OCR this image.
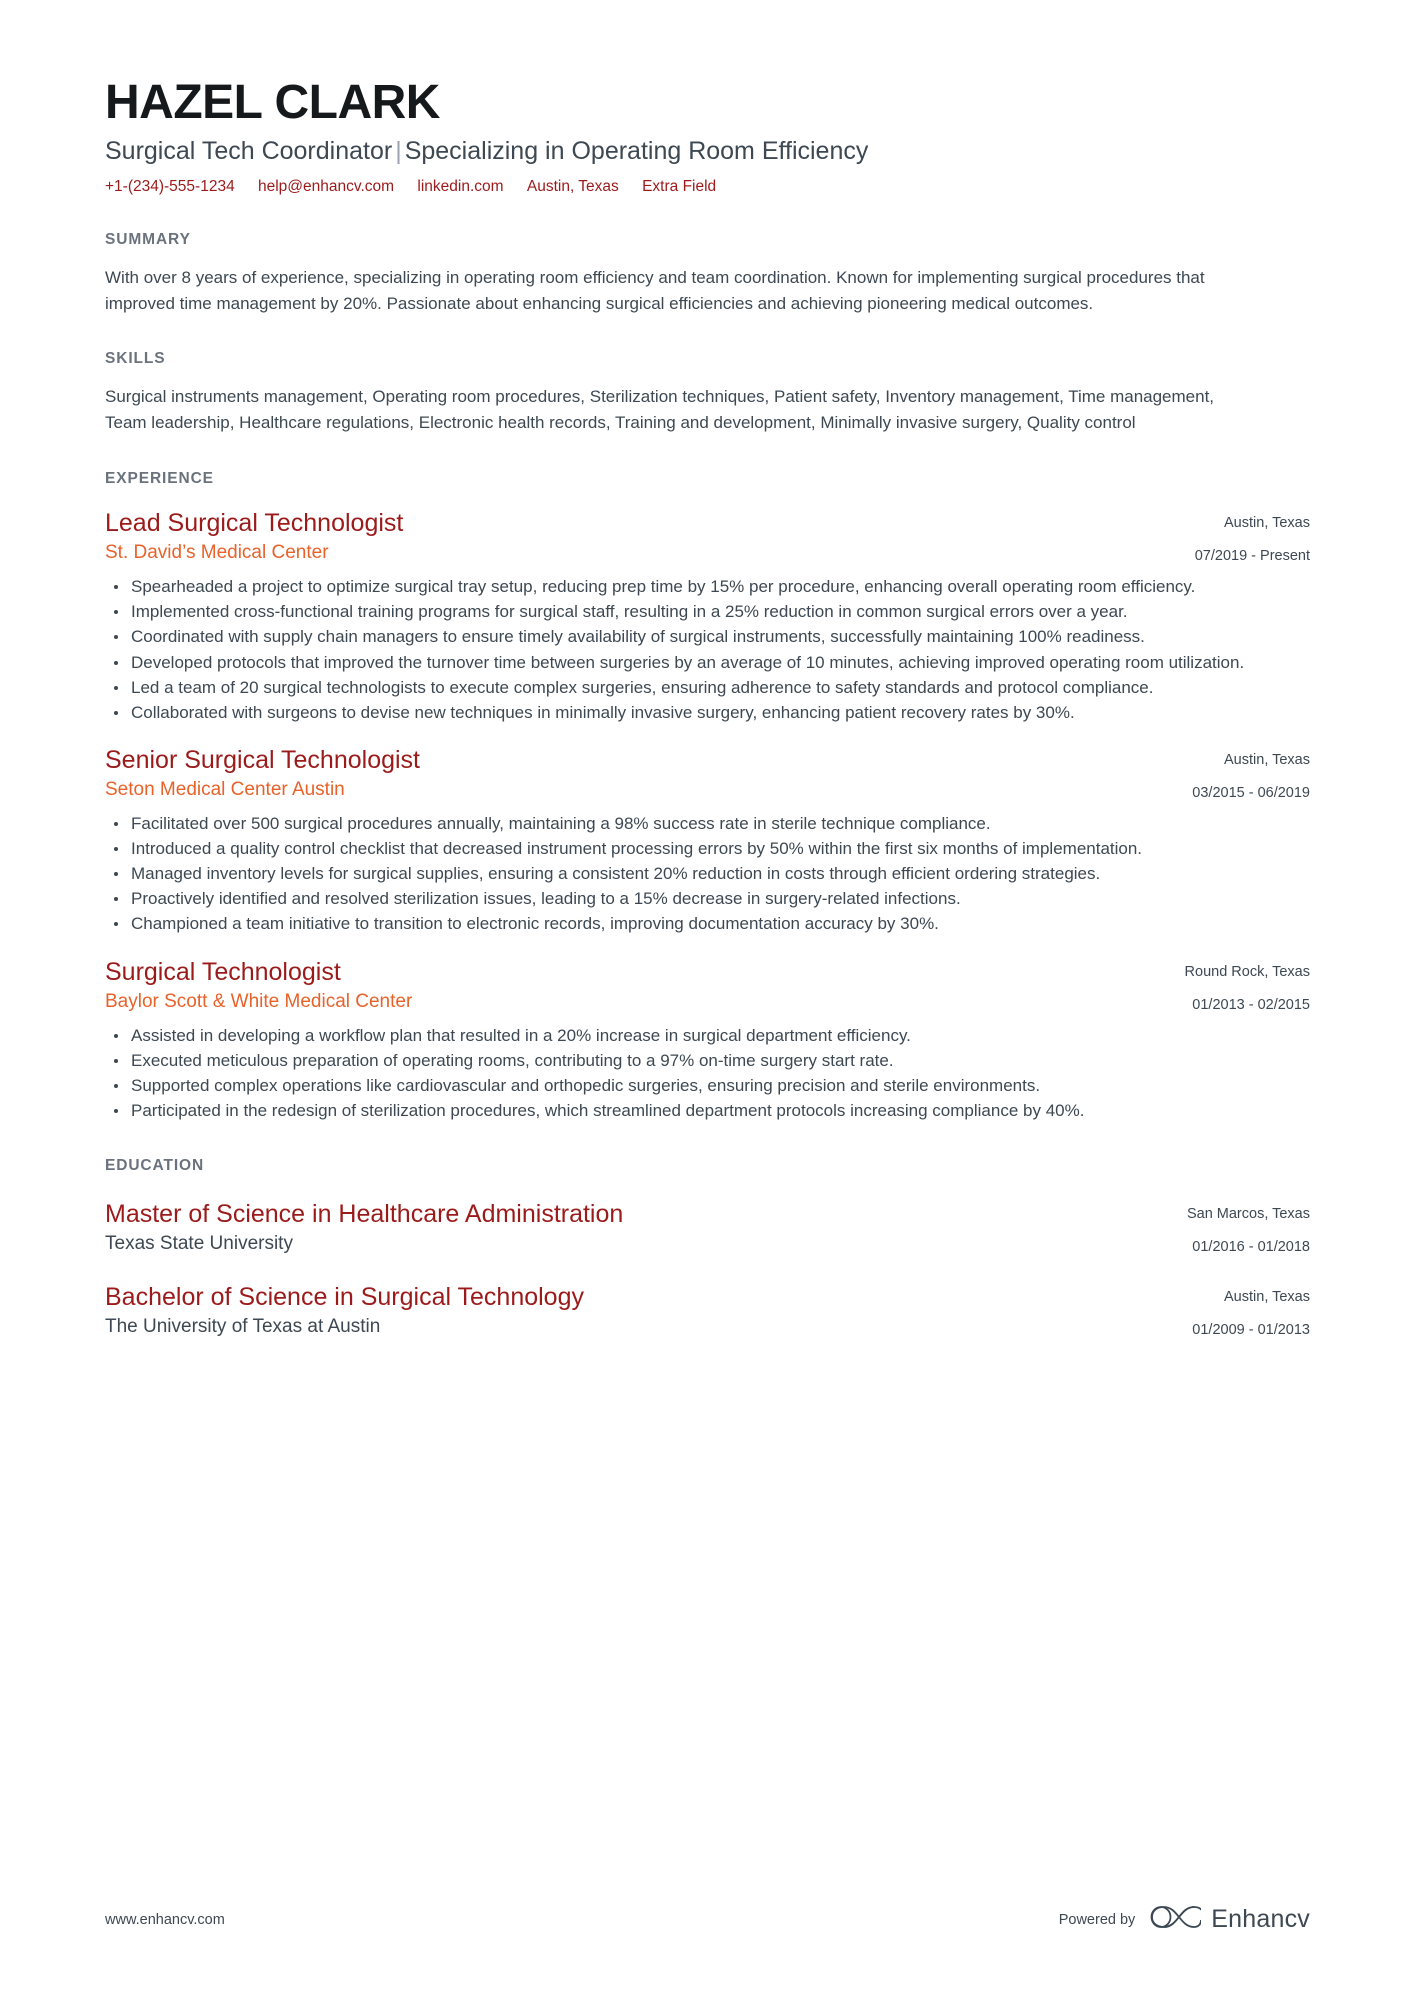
HAZEL CLARK
Surgical Tech Coordinator | Specializing in Operating Room Efficiency
+1-(234)-555-1234 help@enhancv.com linkedin.com Austin, Texas Extra Field
SUMMARY
With over 8 years of experience, specializing in operating room efficiency and team coordination. Known for implementing surgical procedures that improved time management by 20%. Passionate about enhancing surgical efficiencies and achieving pioneering medical outcomes.
SKILLS
Surgical instruments management, Operating room procedures, Sterilization techniques, Patient safety, Inventory management, Time management, Team leadership, Healthcare regulations, Electronic health records, Training and development, Minimally invasive surgery, Quality control
EXPERIENCE
Lead Surgical Technologist
St. David’s Medical Center
Austin, Texas
07/2019 - Present
Spearheaded a project to optimize surgical tray setup, reducing prep time by 15% per procedure, enhancing overall operating room efficiency.
Implemented cross-functional training programs for surgical staff, resulting in a 25% reduction in common surgical errors over a year.
Coordinated with supply chain managers to ensure timely availability of surgical instruments, successfully maintaining 100% readiness.
Developed protocols that improved the turnover time between surgeries by an average of 10 minutes, achieving improved operating room utilization.
Led a team of 20 surgical technologists to execute complex surgeries, ensuring adherence to safety standards and protocol compliance.
Collaborated with surgeons to devise new techniques in minimally invasive surgery, enhancing patient recovery rates by 30%.
Senior Surgical Technologist
Seton Medical Center Austin
Austin, Texas
03/2015 - 06/2019
Facilitated over 500 surgical procedures annually, maintaining a 98% success rate in sterile technique compliance.
Introduced a quality control checklist that decreased instrument processing errors by 50% within the first six months of implementation.
Managed inventory levels for surgical supplies, ensuring a consistent 20% reduction in costs through efficient ordering strategies.
Proactively identified and resolved sterilization issues, leading to a 15% decrease in surgery-related infections.
Championed a team initiative to transition to electronic records, improving documentation accuracy by 30%.
Surgical Technologist
Baylor Scott & White Medical Center
Round Rock, Texas
01/2013 - 02/2015
Assisted in developing a workflow plan that resulted in a 20% increase in surgical department efficiency.
Executed meticulous preparation of operating rooms, contributing to a 97% on-time surgery start rate.
Supported complex operations like cardiovascular and orthopedic surgeries, ensuring precision and sterile environments.
Participated in the redesign of sterilization procedures, which streamlined department protocols increasing compliance by 40%.
EDUCATION
Master of Science in Healthcare Administration
Texas State University
San Marcos, Texas
01/2016 - 01/2018
Bachelor of Science in Surgical Technology
The University of Texas at Austin
Austin, Texas
01/2009 - 01/2013
www.enhancv.com	Powered by	Enhancv
